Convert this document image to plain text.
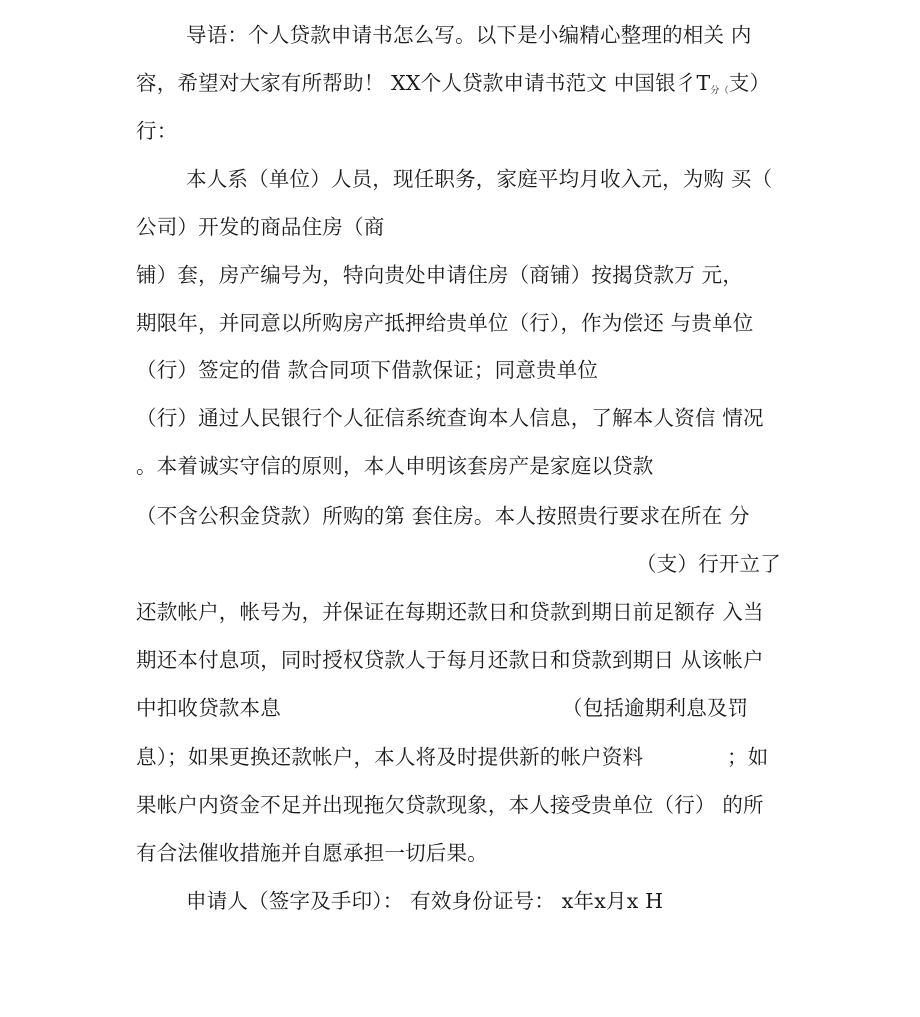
导语：个人贷款申请书怎么写。以下是小编精心整理的相关 内
容，希望对大家有所帮助！ XX个人贷款申请书范文 中国银彳T分（支）
行：
本人系（单位）人员，现任职务，家庭平均月收入元，为购 买（
公司）开发的商品住房（商
铺）套，房产编号为，特向贵处申请住房（商铺）按揭贷款万 元，
期限年，并同意以所购房产抵押给贵单位（行），作为偿还 与贵单位
（行）签定的借 款合同项下借款保证；同意贵单位
（行）通过人民银行个人征信系统查询本人信息，了解本人资信 情况
。本着诚实守信的原则，本人申明该套房产是家庭以贷款
（不含公积金贷款）所购的第 套住房。本人按照贵行要求在所在 分
（支）行开立了
还款帐户，帐号为，并保证在每期还款日和贷款到期日前足额存 入当
期还本付息项，同时授权贷款人于每月还款日和贷款到期日 从该帐户
中扣收贷款本息	（包括逾期利息及罚
息）；如果更换还款帐户，本人将及时提供新的帐户资料	；如
果帐户内资金不足并出现拖欠贷款现象，本人接受贵单位（行） 的所
有合法催收措施并自愿承担一切后果。
申请人（签字及手印）： 有效身份证号： x年x月x H
